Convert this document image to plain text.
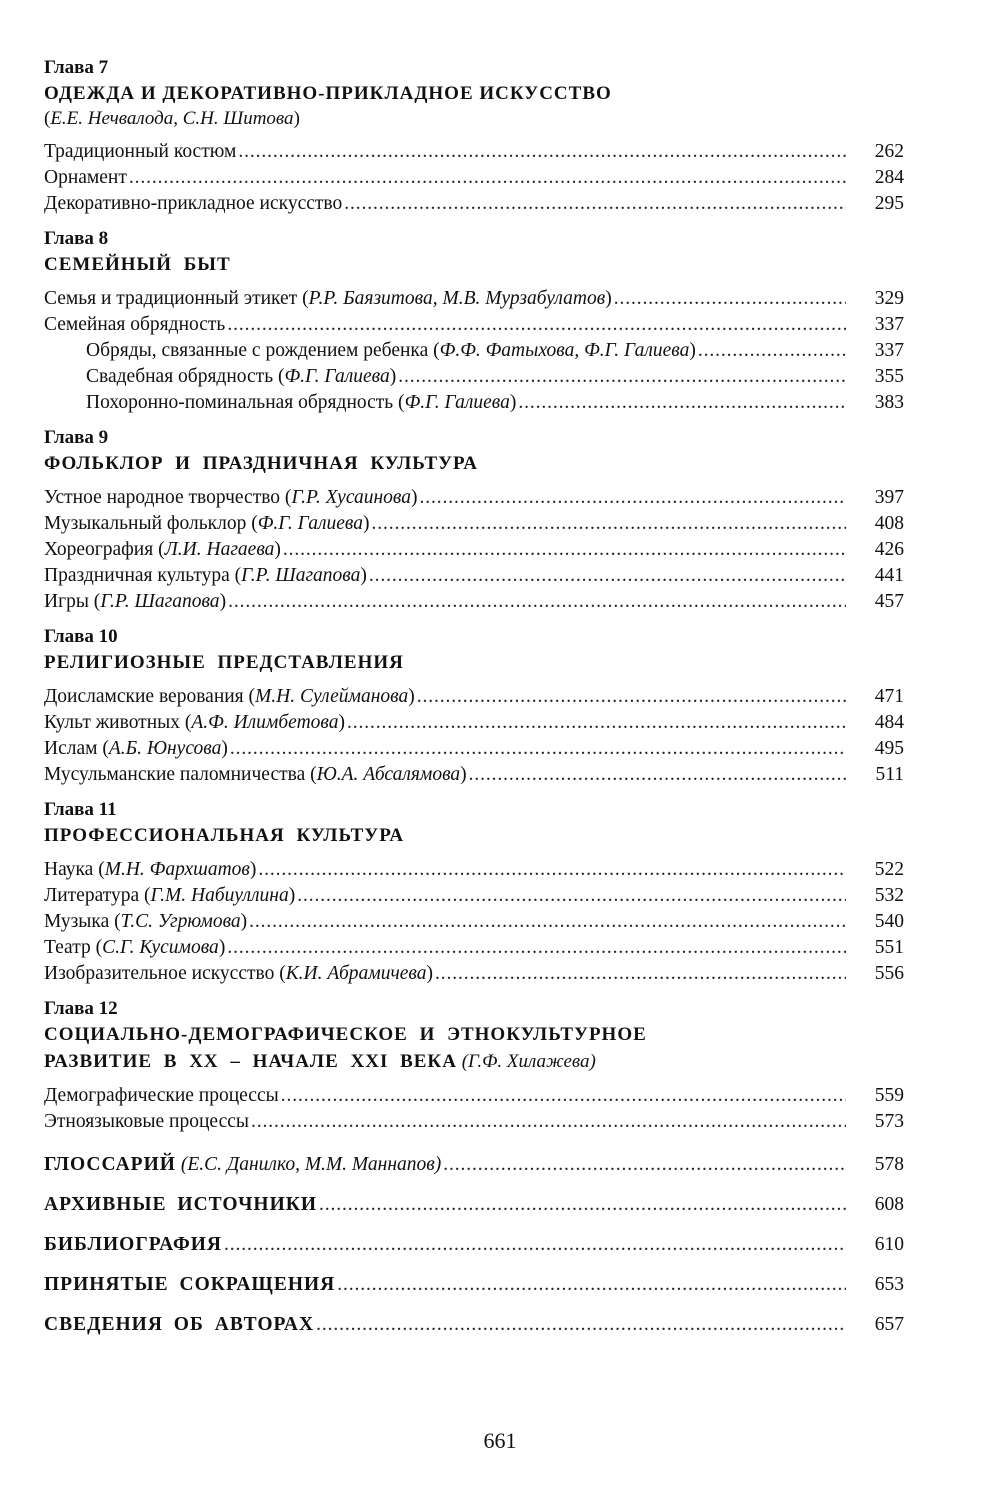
Глава 7
ОДЕЖДА И ДЕКОРАТИВНО-ПРИКЛАДНОЕ ИСКУССТВО
(Е.Е. Нечвалода, С.Н. Шитова)
Традиционный костюм . . .	262
Орнамент . . .	284
Декоративно-прикладное искусство . . .	295
Глава 8
СЕМЕЙНЫЙ БЫТ
Семья и традиционный этикет (Р.Р. Баязитова, М.В. Мурзабулатов) . . .	329
Семейная обрядность . . .	337
Обряды, связанные с рождением ребенка (Ф.Ф. Фатыхова, Ф.Г. Галиева) . . .	337
Свадебная обрядность (Ф.Г. Галиева) . . .	355
Похоронно-поминальная обрядность (Ф.Г. Галиева) . . .	383
Глава 9
ФОЛЬКЛОР И ПРАЗДНИЧНАЯ КУЛЬТУРА
Устное народное творчество (Г.Р. Хусаинова) . . .	397
Музыкальный фольклор (Ф.Г. Галиева) . . .	408
Хореография (Л.И. Нагаева) . . .	426
Праздничная культура (Г.Р. Шагапова) . . .	441
Игры (Г.Р. Шагапова) . . .	457
Глава 10
РЕЛИГИОЗНЫЕ ПРЕДСТАВЛЕНИЯ
Доисламские верования (М.Н. Сулейманова) . . .	471
Культ животных (А.Ф. Илимбетова) . . .	484
Ислам (А.Б. Юнусова) . . .	495
Мусульманские паломничества (Ю.А. Абсалямова) . . .	511
Глава 11
ПРОФЕССИОНАЛЬНАЯ КУЛЬТУРА
Наука (М.Н. Фархшатов) . . .	522
Литература (Г.М. Набиуллина) . . .	532
Музыка (Т.С. Угрюмова) . . .	540
Театр (С.Г. Кусимова) . . .	551
Изобразительное искусство (К.И. Абрамичева) . . .	556
Глава 12
СОЦИАЛЬНО-ДЕМОГРАФИЧЕСКОЕ И ЭТНОКУЛЬТУРНОЕ
РАЗВИТИЕ В XX – НАЧАЛЕ XXI ВЕКА (Г.Ф. Хилажева)
Демографические процессы . . .	559
Этноязыковые процессы . . .	573
ГЛОССАРИЙ (Е.С. Данилко, М.М. Маннапов) . . .	578
АРХИВНЫЕ ИСТОЧНИКИ . . .	608
БИБЛИОГРАФИЯ . . .	610
ПРИНЯТЫЕ СОКРАЩЕНИЯ . . .	653
СВЕДЕНИЯ ОБ АВТОРАХ . . .	657
661
